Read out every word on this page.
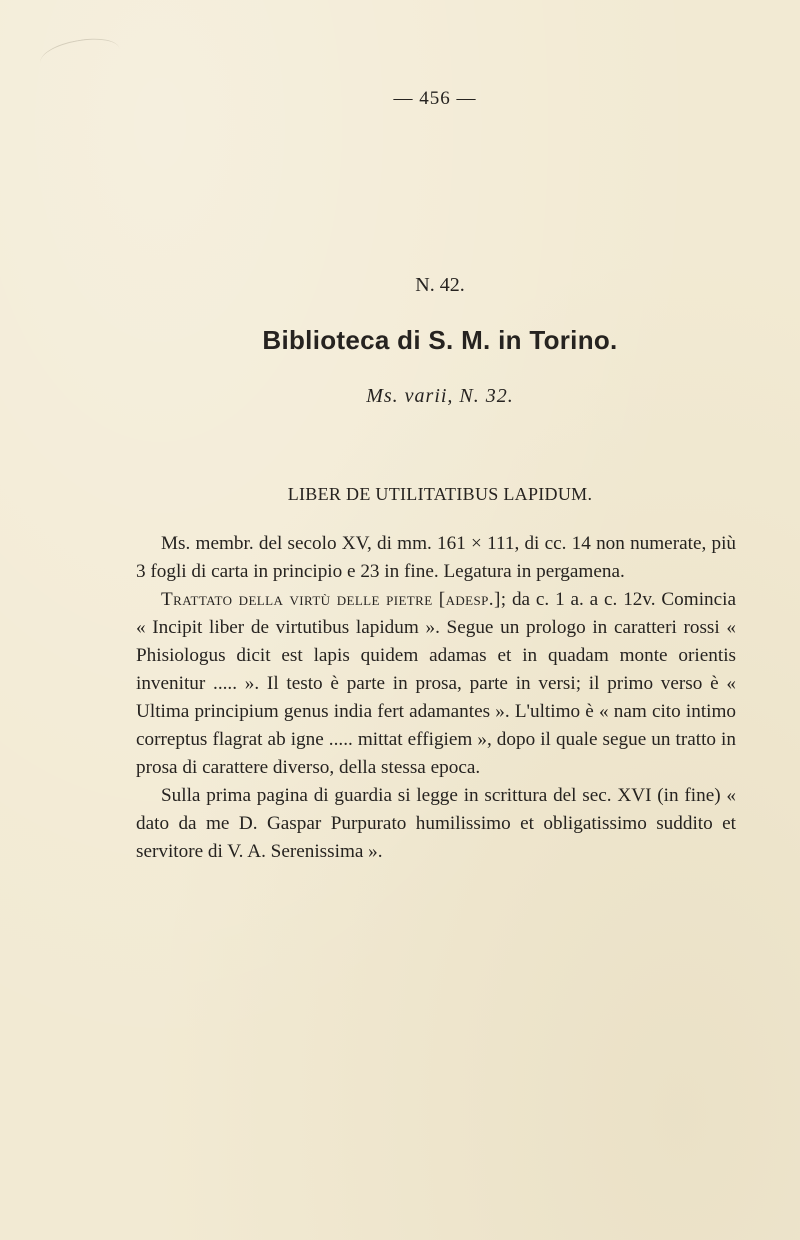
— 456 —
N. 42.
Biblioteca di S. M. in Torino.
Ms. varii, N. 32.
LIBER DE UTILITATIBUS LAPIDUM.

Ms. membr. del secolo XV, di mm. 161 × 111, di cc. 14 non numerate, più 3 fogli di carta in principio e 23 in fine. Legatura in pergamena.

Trattato della virtù delle pietre [adesp.]; da c. 1 a. a c. 12v. Comincia « Incipit liber de virtutibus lapidum ». Segue un prologo in caratteri rossi « Phisiologus dicit est lapis quidem adamas et in quadam monte orientis invenitur ..... ». Il testo è parte in prosa, parte in versi; il primo verso è « Ultima principium genus india fert adamantes ». L'ultimo è « nam cito intimo correptus flagrat ab igne ..... mittat effigiem », dopo il quale segue un tratto in prosa di carattere diverso, della stessa epoca.

Sulla prima pagina di guardia si legge in scrittura del sec. XVI (in fine) « dato da me D. Gaspar Purpurato humilissimo et obligatissimo suddito et servitore di V. A. Serenissima ».
